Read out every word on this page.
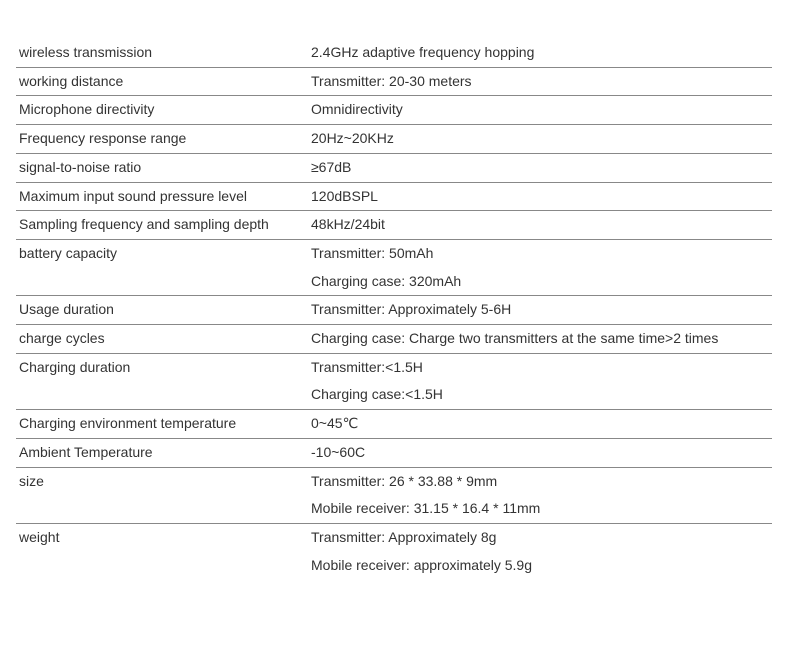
wireless transmission	2.4GHz adaptive frequency hopping
working distance	Transmitter: 20-30 meters
Microphone directivity	Omnidirectivity
Frequency response range	20Hz~20KHz
signal-to-noise ratio	≥67dB
Maximum input sound pressure level	120dBSPL
Sampling frequency and sampling depth	48kHz/24bit
battery capacity	Transmitter: 50mAh
Charging case: 320mAh
Usage duration	Transmitter: Approximately 5-6H
charge cycles	Charging case: Charge two transmitters at the same time>2 times
Charging duration	Transmitter:<1.5H
Charging case:<1.5H
Charging environment temperature	0~45℃
Ambient Temperature	-10~60C
size	Transmitter: 26 * 33.88 * 9mm
Mobile receiver: 31.15 * 16.4 * 11mm
weight	Transmitter: Approximately 8g
Mobile receiver: approximately 5.9g
